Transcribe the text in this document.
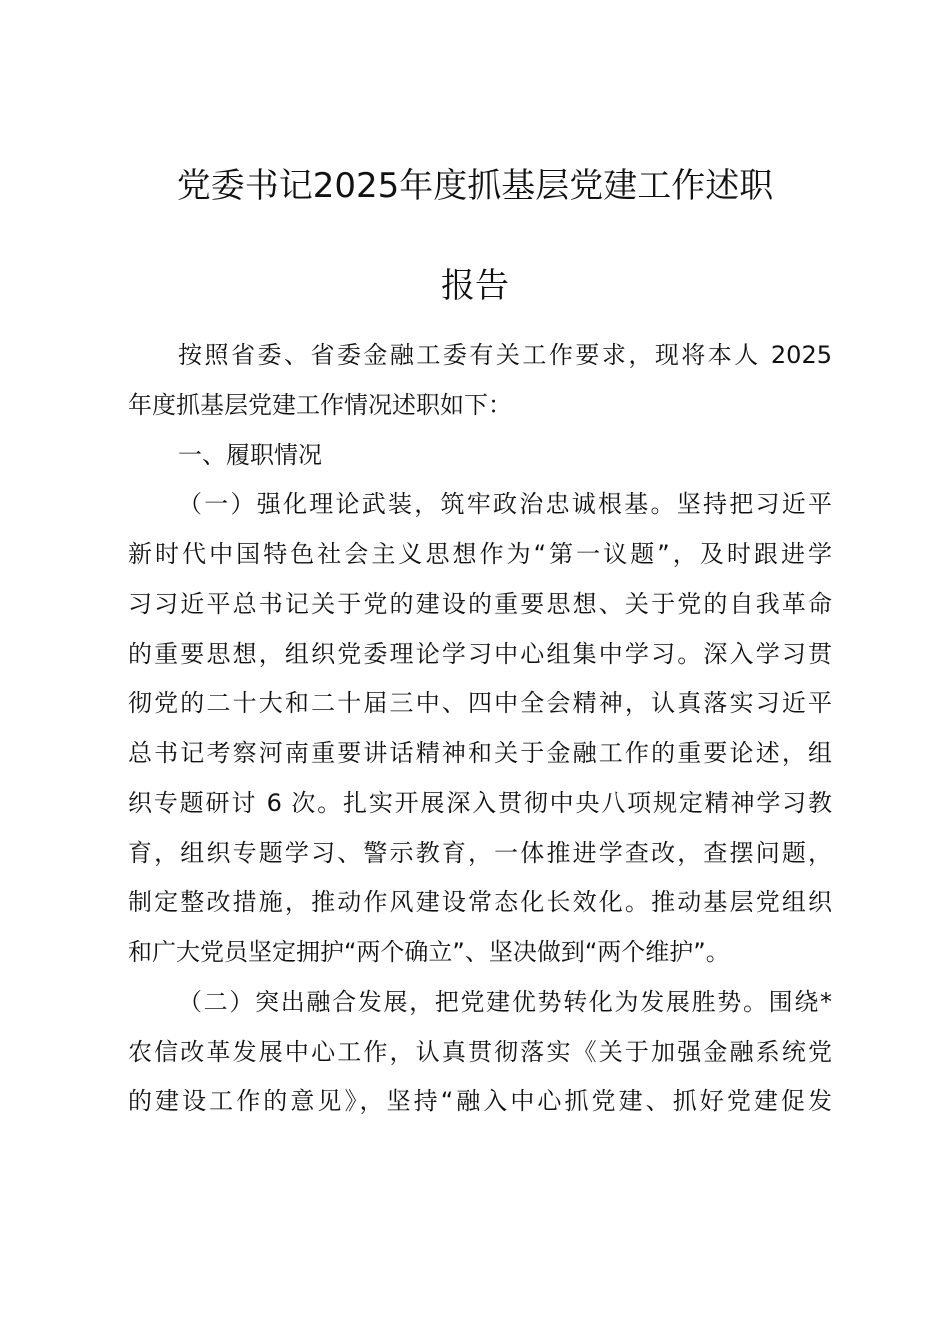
党委书记2025年度抓基层党建工作述职
报告
按照省委、省委金融工委有关工作要求，现将本人 2025
年度抓基层党建工作情况述职如下：
一、履职情况
（一）强化理论武装，筑牢政治忠诚根基。坚持把习近平
新时代中国特色社会主义思想作为“第一议题”，及时跟进学
习习近平总书记关于党的建设的重要思想、关于党的自我革命
的重要思想，组织党委理论学习中心组集中学习。深入学习贯
彻党的二十大和二十届三中、四中全会精神，认真落实习近平
总书记考察河南重要讲话精神和关于金融工作的重要论述，组
织专题研讨 6 次。扎实开展深入贯彻中央八项规定精神学习教
育，组织专题学习、警示教育，一体推进学查改，查摆问题，
制定整改措施，推动作风建设常态化长效化。推动基层党组织
和广大党员坚定拥护“两个确立”、坚决做到“两个维护”。
（二）突出融合发展，把党建优势转化为发展胜势。围绕*
农信改革发展中心工作，认真贯彻落实《关于加强金融系统党
的建设工作的意见》，坚持“融入中心抓党建、抓好党建促发
